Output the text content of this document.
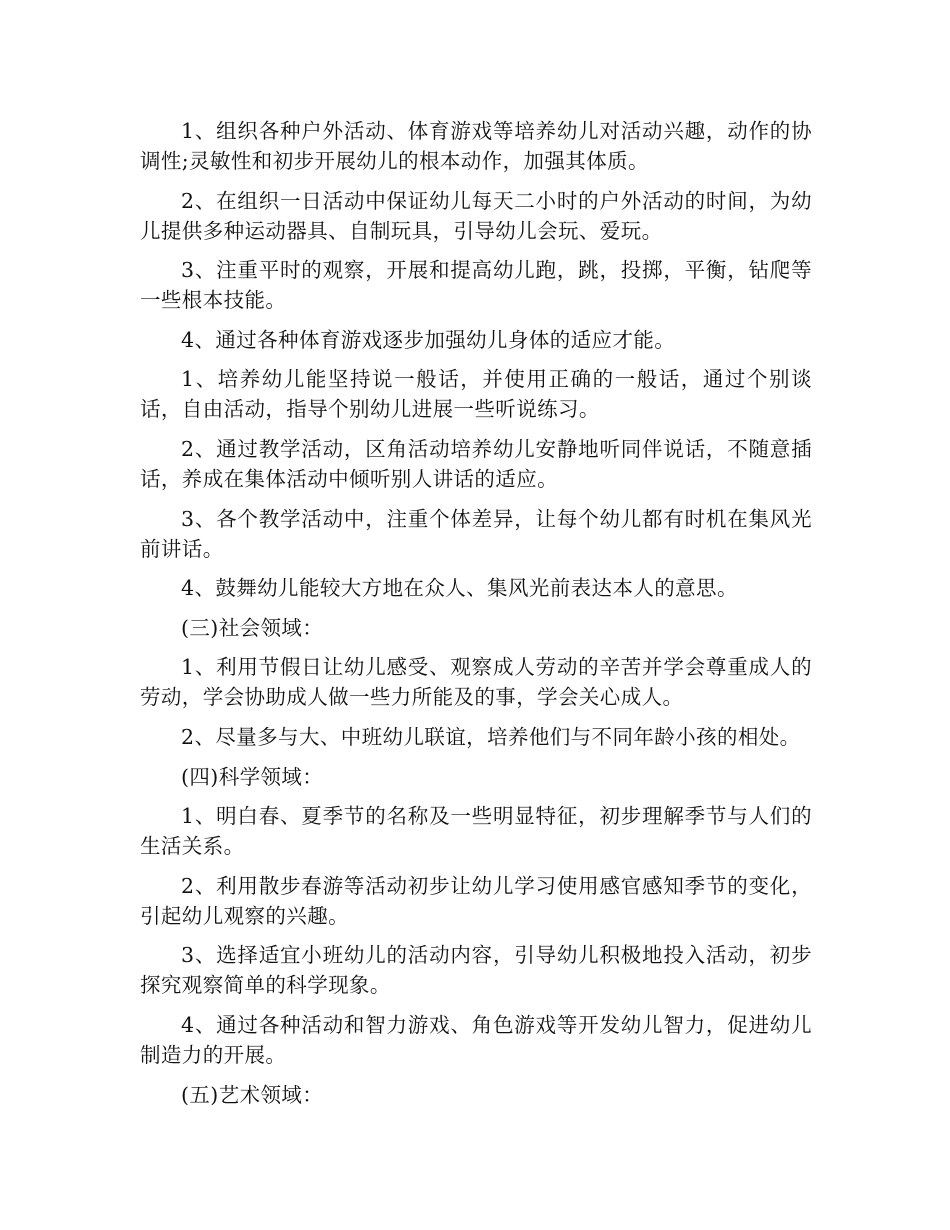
1、组织各种户外活动、体育游戏等培养幼儿对活动兴趣，动作的协调性;灵敏性和初步开展幼儿的根本动作，加强其体质。

2、在组织一日活动中保证幼儿每天二小时的户外活动的时间，为幼儿提供多种运动器具、自制玩具，引导幼儿会玩、爱玩。

3、注重平时的观察，开展和提高幼儿跑，跳，投掷，平衡，钻爬等一些根本技能。

4、通过各种体育游戏逐步加强幼儿身体的适应才能。

1、培养幼儿能坚持说一般话，并使用正确的一般话，通过个别谈话，自由活动，指导个别幼儿进展一些听说练习。

2、通过教学活动，区角活动培养幼儿安静地听同伴说话，不随意插话，养成在集体活动中倾听别人讲话的适应。

3、各个教学活动中，注重个体差异，让每个幼儿都有时机在集风光前讲话。

4、鼓舞幼儿能较大方地在众人、集风光前表达本人的意思。

(三)社会领域：

1、利用节假日让幼儿感受、观察成人劳动的辛苦并学会尊重成人的劳动，学会协助成人做一些力所能及的事，学会关心成人。

2、尽量多与大、中班幼儿联谊，培养他们与不同年龄小孩的相处。

(四)科学领域：

1、明白春、夏季节的名称及一些明显特征，初步理解季节与人们的生活关系。

2、利用散步春游等活动初步让幼儿学习使用感官感知季节的变化，引起幼儿观察的兴趣。

3、选择适宜小班幼儿的活动内容，引导幼儿积极地投入活动，初步探究观察简单的科学现象。

4、通过各种活动和智力游戏、角色游戏等开发幼儿智力，促进幼儿制造力的开展。

(五)艺术领域：
